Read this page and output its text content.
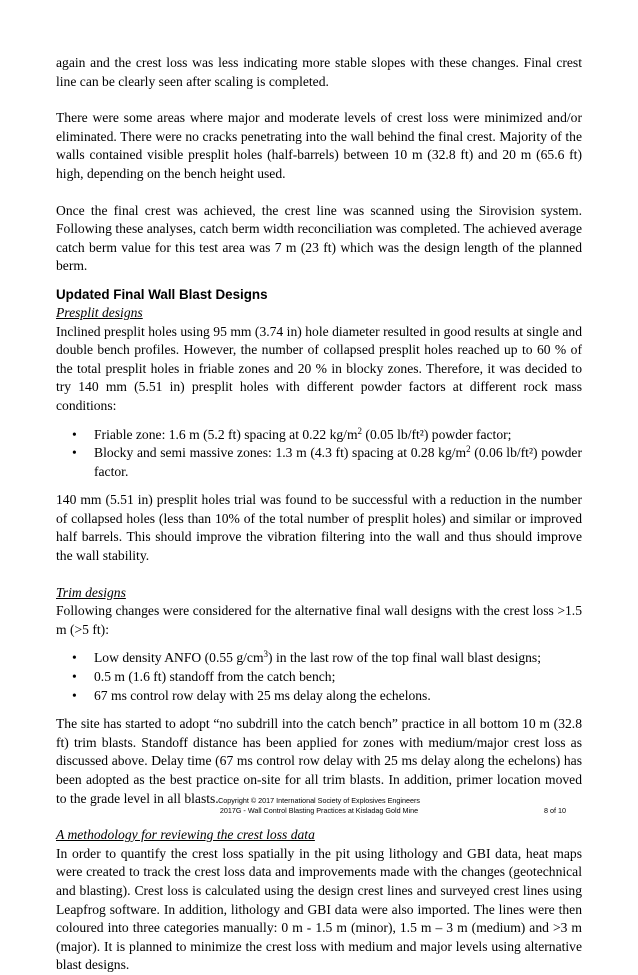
again and the crest loss was less indicating more stable slopes with these changes. Final crest line can be clearly seen after scaling is completed.

There were some areas where major and moderate levels of crest loss were minimized and/or eliminated. There were no cracks penetrating into the wall behind the final crest. Majority of the walls contained visible presplit holes (half-barrels) between 10 m (32.8 ft) and 20 m (65.6 ft) high, depending on the bench height used.

Once the final crest was achieved, the crest line was scanned using the Sirovision system. Following these analyses, catch berm width reconciliation was completed. The achieved average catch berm value for this test area was 7 m (23 ft) which was the design length of the planned berm.

Updated Final Wall Blast Designs

Presplit designs

Inclined presplit holes using 95 mm (3.74 in) hole diameter resulted in good results at single and double bench profiles. However, the number of collapsed presplit holes reached up to 60 % of the total presplit holes in friable zones and 20 % in blocky zones. Therefore, it was decided to try 140 mm (5.51 in) presplit holes with different powder factors at different rock mass conditions:

• Friable zone: 1.6 m (5.2 ft) spacing at 0.22 $kg/m^2$ (0.05 lb/ft²) powder factor;
• Blocky and semi massive zones: 1.3 m (4.3 ft) spacing at 0.28 $kg/m^2$ (0.06 lb/ft²) powder factor.

140 mm (5.51 in) presplit holes trial was found to be successful with a reduction in the number of collapsed holes (less than 10% of the total number of presplit holes) and similar or improved half barrels. This should improve the vibration filtering into the wall and thus should improve the wall stability.

Trim designs

Following changes were considered for the alternative final wall designs with the crest loss >1.5 m (>5 ft):

• Low density ANFO (0.55 $g/cm^3$) in the last row of the top final wall blast designs;
• 0.5 m (1.6 ft) standoff from the catch bench;
• 67 ms control row delay with 25 ms delay along the echelons.

The site has started to adopt “no subdrill into the catch bench” practice in all bottom 10 m (32.8 ft) trim blasts. Standoff distance has been applied for zones with medium/major crest loss as discussed above. Delay time (67 ms control row delay with 25 ms delay along the echelons) has been adopted as the best practice on-site for all trim blasts. In addition, primer location moved to the grade level in all blasts.

A methodology for reviewing the crest loss data

In order to quantify the crest loss spatially in the pit using lithology and GBI data, heat maps were created to track the crest loss data and improvements made with the changes (geotechnical and blasting). Crest loss is calculated using the design crest lines and surveyed crest lines using Leapfrog software. In addition, lithology and GBI data were also imported. The lines were then coloured into three categories manually: 0 m - 1.5 m (minor), 1.5 m – 3 m (medium) and >3 m (major). It is planned to minimize the crest loss with medium and major levels using alternative blast designs.

Copyright © 2017 International Society of Explosives Engineers
2017G - Wall Control Blasting Practices at Kisladag Gold Mine	8 of 10
